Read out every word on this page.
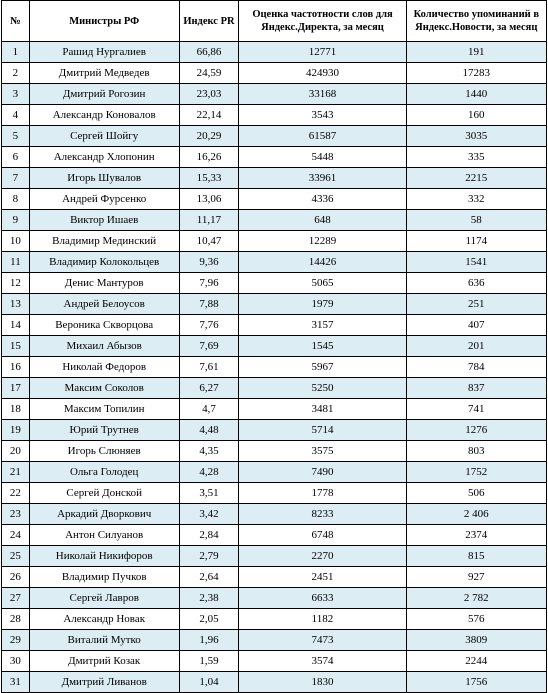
№	Министры РФ	Индекс PR	Оценка частотности слов для Яндекс.Директа, за месяц	Количество упоминаний в Яндекс.Новости, за месяц
1	Рашид Нургалиев	66,86	12771	191
2	Дмитрий Медведев	24,59	424930	17283
3	Дмитрий Рогозин	23,03	33168	1440
4	Александр Коновалов	22,14	3543	160
5	Сергей Шойгу	20,29	61587	3035
6	Александр Хлопонин	16,26	5448	335
7	Игорь Шувалов	15,33	33961	2215
8	Андрей Фурсенко	13,06	4336	332
9	Виктор Ишаев	11,17	648	58
10	Владимир Мединский	10,47	12289	1174
11	Владимир Колокольцев	9,36	14426	1541
12	Денис Мантуров	7,96	5065	636
13	Андрей Белоусов	7,88	1979	251
14	Вероника Скворцова	7,76	3157	407
15	Михаил Абызов	7,69	1545	201
16	Николай Федоров	7,61	5967	784
17	Максим Соколов	6,27	5250	837
18	Максим Топилин	4,7	3481	741
19	Юрий Трутнев	4,48	5714	1276
20	Игорь Слюняев	4,35	3575	803
21	Ольга Голодец	4,28	7490	1752
22	Сергей Донской	3,51	1778	506
23	Аркадий Дворкович	3,42	8233	2 406
24	Антон Силуанов	2,84	6748	2374
25	Николай Никифоров	2,79	2270	815
26	Владимир Пучков	2,64	2451	927
27	Сергей Лавров	2,38	6633	2 782
28	Александр Новак	2,05	1182	576
29	Виталий Мутко	1,96	7473	3809
30	Дмитрий Козак	1,59	3574	2244
31	Дмитрий Ливанов	1,04	1830	1756
